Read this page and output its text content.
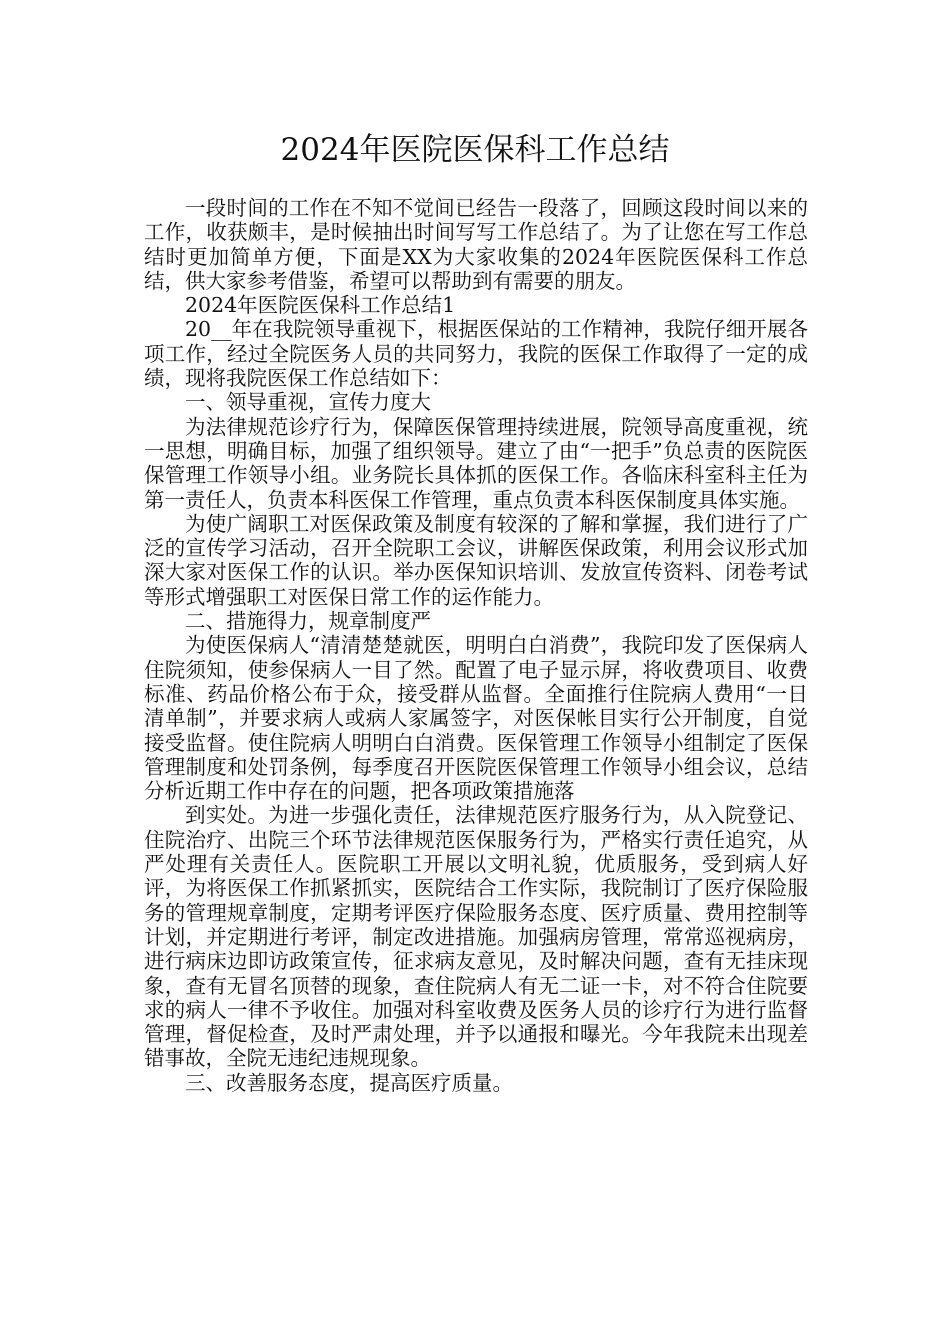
2024年医院医保科工作总结

一段时间的工作在不知不觉间已经告一段落了，回顾这段时间以来的工作，收获颇丰，是时候抽出时间写写工作总结了。为了让您在写工作总结时更加简单方便，下面是XX为大家收集的2024年医院医保科工作总结，供大家参考借鉴，希望可以帮助到有需要的朋友。

2024年医院医保科工作总结1

20__年在我院领导重视下，根据医保站的工作精神，我院仔细开展各项工作，经过全院医务人员的共同努力，我院的医保工作取得了一定的成绩，现将我院医保工作总结如下：

一、领导重视，宣传力度大

为法律规范诊疗行为，保障医保管理持续进展，院领导高度重视，统一思想，明确目标，加强了组织领导。建立了由“一把手”负总责的医院医保管理工作领导小组。业务院长具体抓的医保工作。各临床科室科主任为第一责任人，负责本科医保工作管理，重点负责本科医保制度具体实施。

为使广阔职工对医保政策及制度有较深的了解和掌握，我们进行了广泛的宣传学习活动，召开全院职工会议，讲解医保政策，利用会议形式加深大家对医保工作的认识。举办医保知识培训、发放宣传资料、闭卷考试等形式增强职工对医保日常工作的运作能力。

二、措施得力，规章制度严

为使医保病人“清清楚楚就医，明明白白消费”，我院印发了医保病人住院须知，使参保病人一目了然。配置了电子显示屏，将收费项目、收费标准、药品价格公布于众，接受群从监督。全面推行住院病人费用“一日清单制”，并要求病人或病人家属签字，对医保帐目实行公开制度，自觉接受监督。使住院病人明明白白消费。医保管理工作领导小组制定了医保管理制度和处罚条例，每季度召开医院医保管理工作领导小组会议，总结分析近期工作中存在的问题，把各项政策措施落

到实处。为进一步强化责任，法律规范医疗服务行为，从入院登记、住院治疗、出院三个环节法律规范医保服务行为，严格实行责任追究，从严处理有关责任人。医院职工开展以文明礼貌，优质服务，受到病人好评，为将医保工作抓紧抓实，医院结合工作实际，我院制订了医疗保险服务的管理规章制度，定期考评医疗保险服务态度、医疗质量、费用控制等计划，并定期进行考评，制定改进措施。加强病房管理，常常巡视病房，进行病床边即访政策宣传，征求病友意见，及时解决问题，查有无挂床现象，查有无冒名顶替的现象，查住院病人有无二证一卡，对不符合住院要求的病人一律不予收住。加强对科室收费及医务人员的诊疗行为进行监督管理，督促检查，及时严肃处理，并予以通报和曝光。今年我院未出现差错事故，全院无违纪违规现象。

三、改善服务态度，提高医疗质量。
